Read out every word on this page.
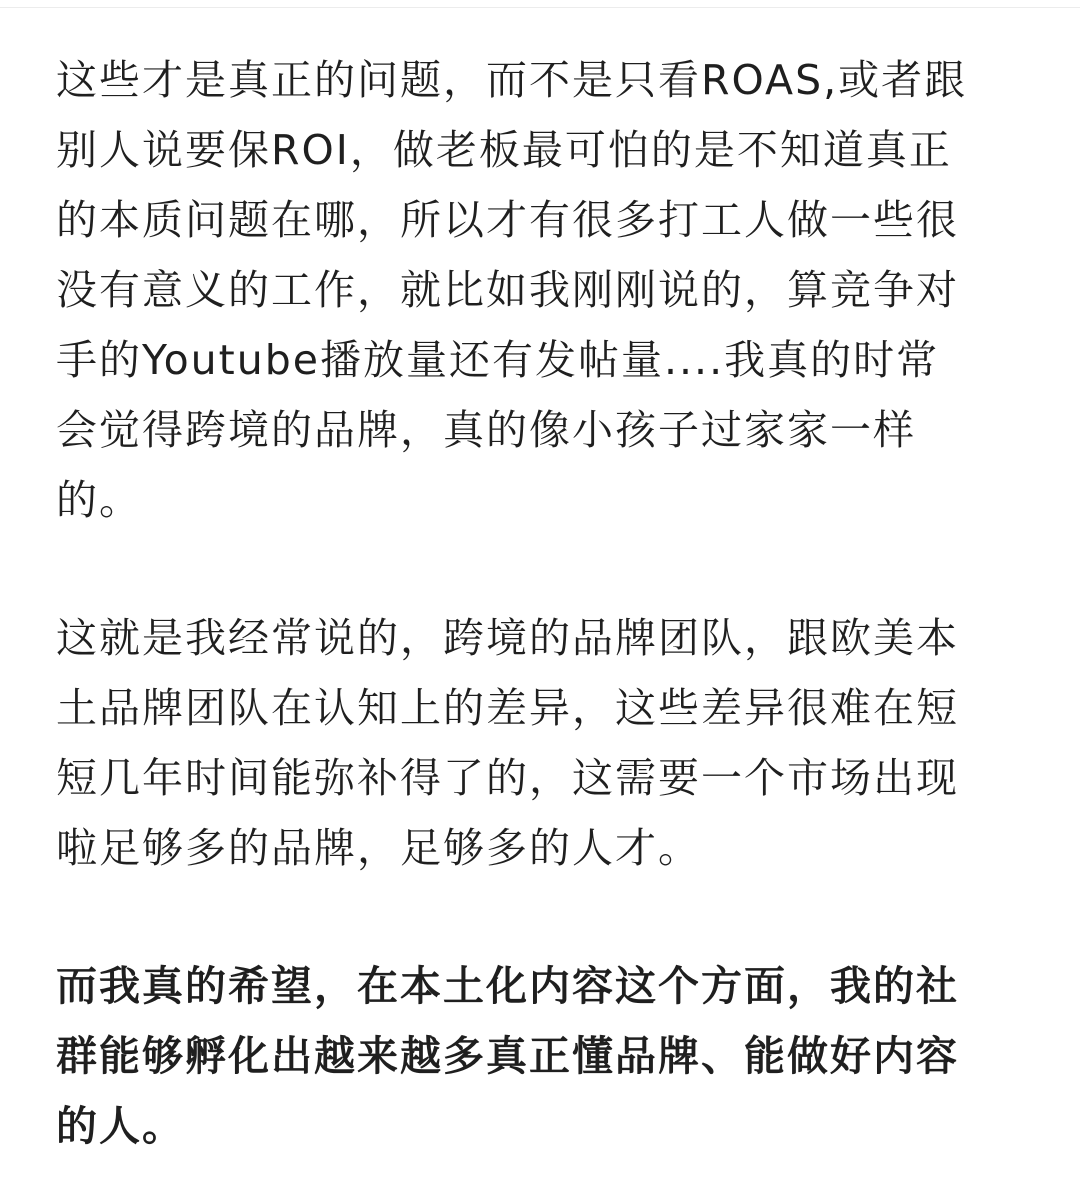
这些才是真正的问题，而不是只看ROAS,或者跟
别人说要保ROI，做老板最可怕的是不知道真正
的本质问题在哪，所以才有很多打工人做一些很
没有意义的工作，就比如我刚刚说的，算竞争对
手的Youtube播放量还有发帖量....我真的时常
会觉得跨境的品牌，真的像小孩子过家家一样
的。
这就是我经常说的，跨境的品牌团队，跟欧美本
土品牌团队在认知上的差异，这些差异很难在短
短几年时间能弥补得了的，这需要一个市场出现
啦足够多的品牌，足够多的人才。
而我真的希望，在本土化内容这个方面，我的社
群能够孵化出越来越多真正懂品牌、能做好内容
的人。
